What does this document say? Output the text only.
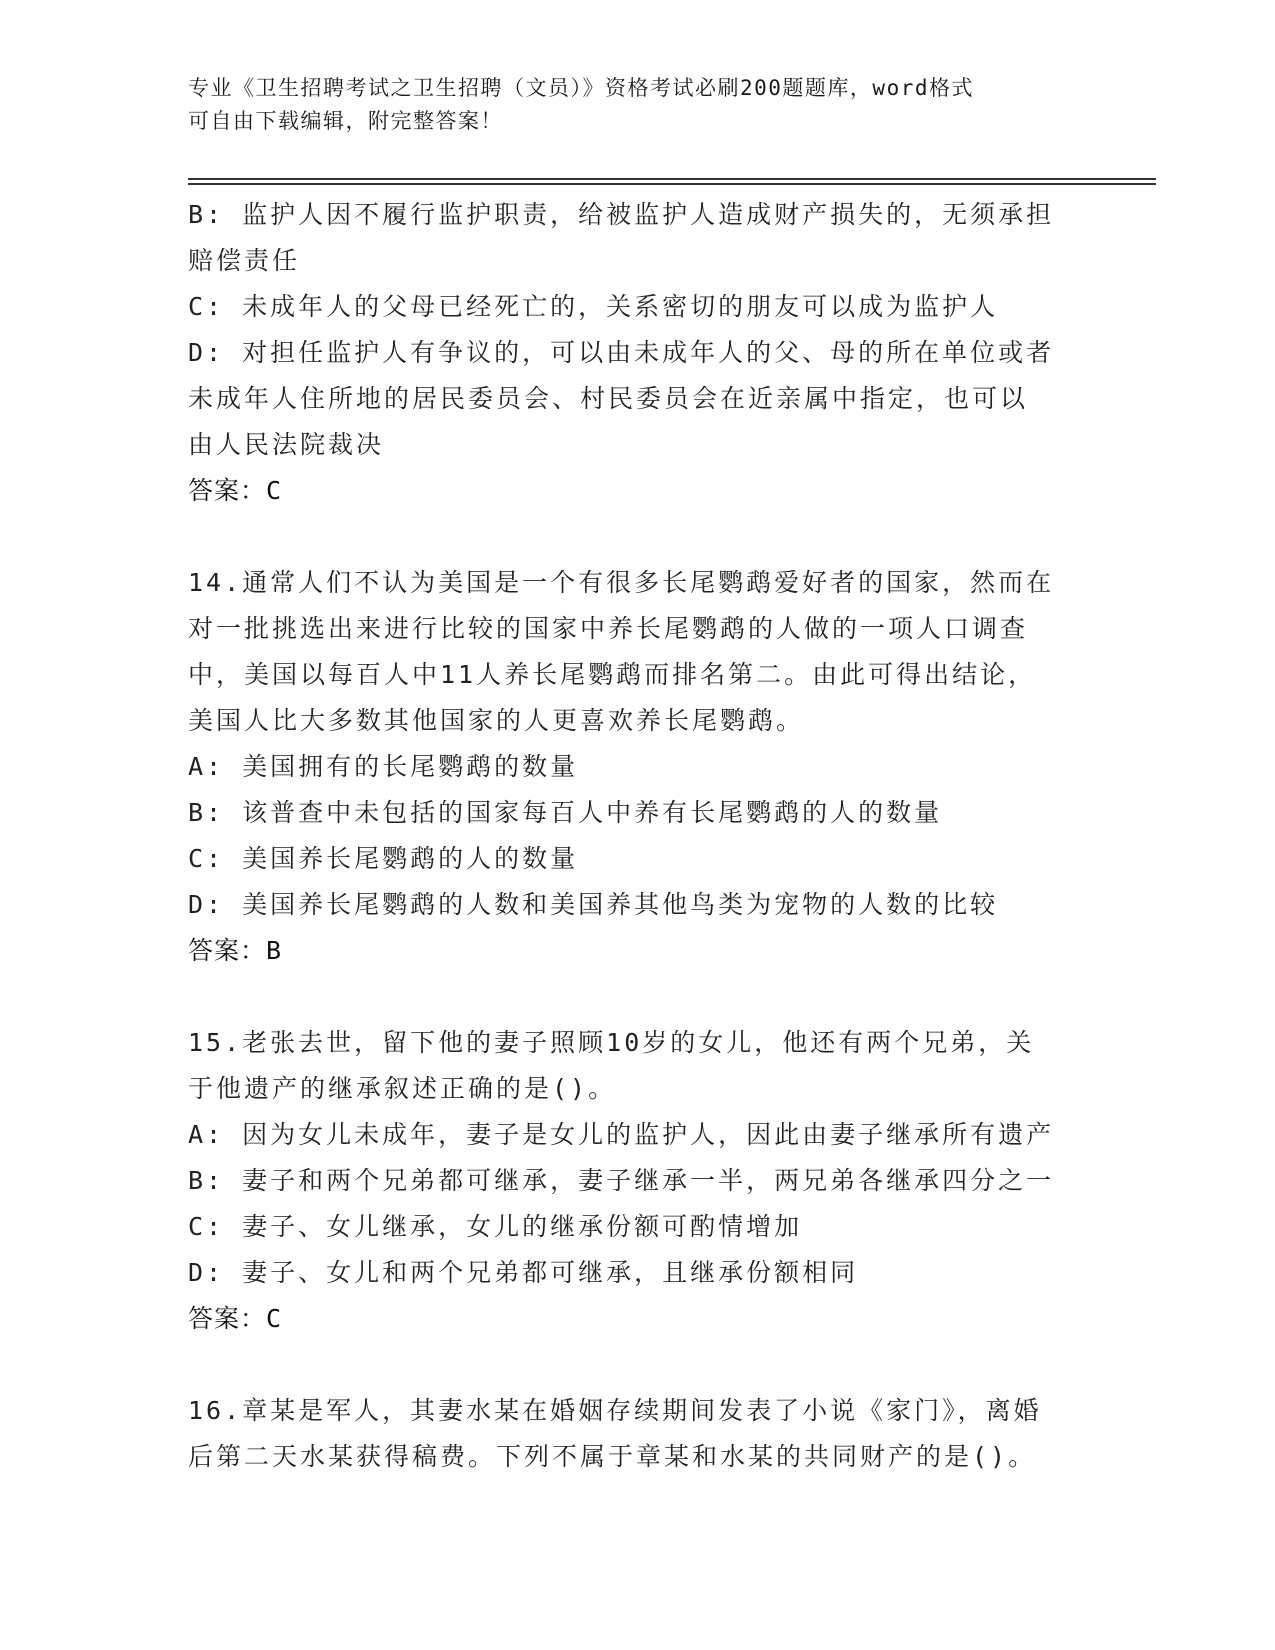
专业《卫生招聘考试之卫生招聘（文员）》资格考试必刷200题题库，word格式
可自由下载编辑，附完整答案！
B: 监护人因不履行监护职责，给被监护人造成财产损失的，无须承担
赔偿责任
C: 未成年人的父母已经死亡的，关系密切的朋友可以成为监护人
D: 对担任监护人有争议的，可以由未成年人的父、母的所在单位或者
未成年人住所地的居民委员会、村民委员会在近亲属中指定，也可以
由人民法院裁决
答案：C
14.通常人们不认为美国是一个有很多长尾鹦鹉爱好者的国家，然而在
对一批挑选出来进行比较的国家中养长尾鹦鹉的人做的一项人口调查
中，美国以每百人中11人养长尾鹦鹉而排名第二。由此可得出结论，
美国人比大多数其他国家的人更喜欢养长尾鹦鹉。
A: 美国拥有的长尾鹦鹉的数量
B: 该普查中未包括的国家每百人中养有长尾鹦鹉的人的数量
C: 美国养长尾鹦鹉的人的数量
D: 美国养长尾鹦鹉的人数和美国养其他鸟类为宠物的人数的比较
答案：B
15.老张去世，留下他的妻子照顾10岁的女儿，他还有两个兄弟，关
于他遗产的继承叙述正确的是()。
A: 因为女儿未成年，妻子是女儿的监护人，因此由妻子继承所有遗产
B: 妻子和两个兄弟都可继承，妻子继承一半，两兄弟各继承四分之一
C: 妻子、女儿继承，女儿的继承份额可酌情增加
D: 妻子、女儿和两个兄弟都可继承，且继承份额相同
答案：C
16.章某是军人，其妻水某在婚姻存续期间发表了小说《家门》，离婚
后第二天水某获得稿费。下列不属于章某和水某的共同财产的是()。
